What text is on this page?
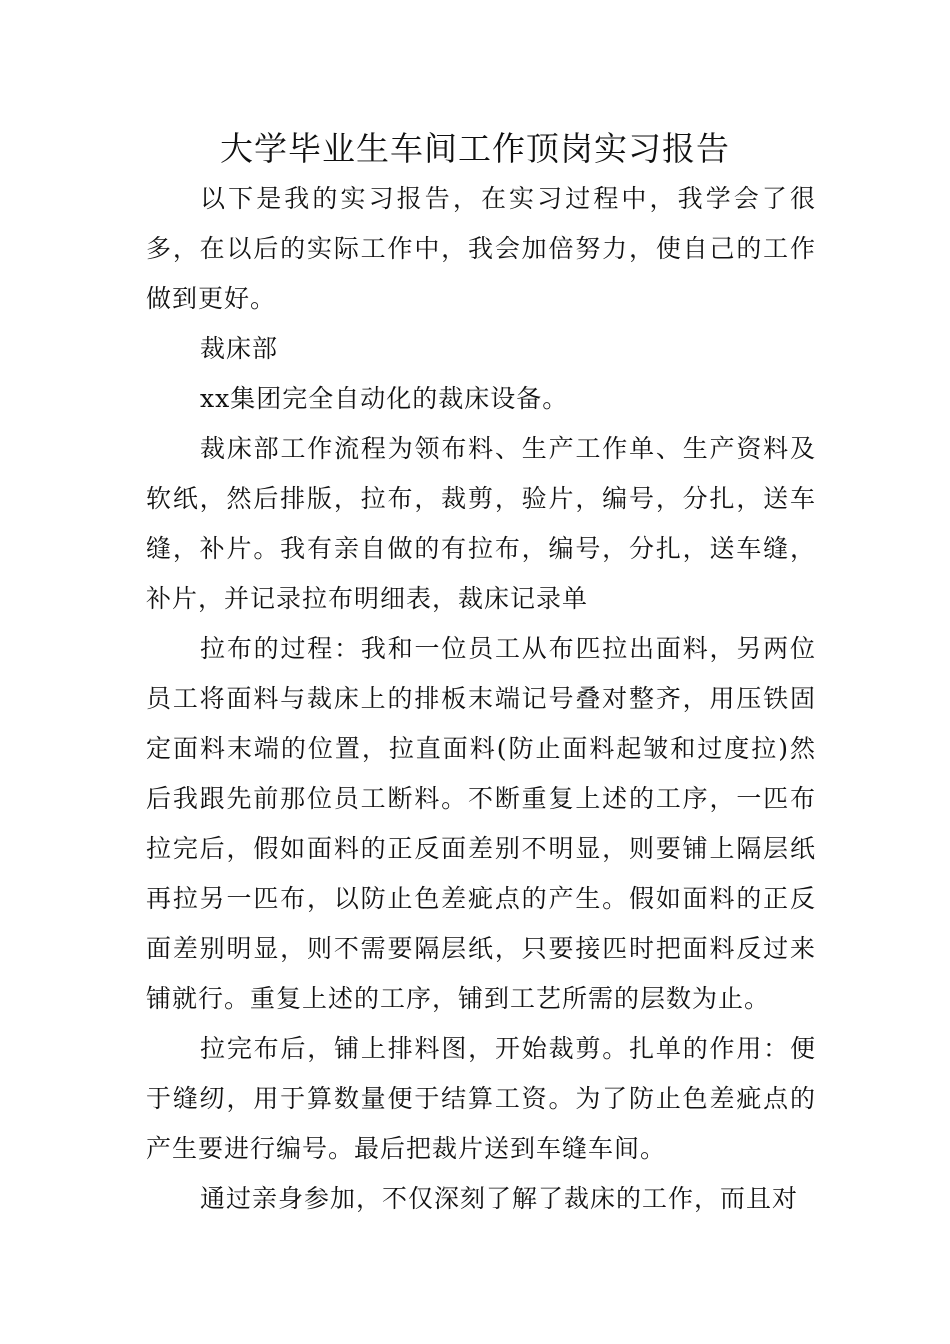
大学毕业生车间工作顶岗实习报告

以下是我的实习报告，在实习过程中，我学会了很多，在以后的实际工作中，我会加倍努力，使自己的工作做到更好。

裁床部

xx集团完全自动化的裁床设备。

裁床部工作流程为领布料、生产工作单、生产资料及软纸，然后排版，拉布，裁剪，验片，编号，分扎，送车缝，补片。我有亲自做的有拉布，编号，分扎，送车缝，补片，并记录拉布明细表，裁床记录单

拉布的过程：我和一位员工从布匹拉出面料，另两位员工将面料与裁床上的排板末端记号叠对整齐，用压铁固定面料末端的位置，拉直面料(防止面料起皱和过度拉)然后我跟先前那位员工断料。不断重复上述的工序，一匹布拉完后，假如面料的正反面差别不明显，则要铺上隔层纸再拉另一匹布，以防止色差疵点的产生。假如面料的正反面差别明显，则不需要隔层纸，只要接匹时把面料反过来铺就行。重复上述的工序，铺到工艺所需的层数为止。

拉完布后，铺上排料图，开始裁剪。扎单的作用：便于缝纫，用于算数量便于结算工资。为了防止色差疵点的产生要进行编号。最后把裁片送到车缝车间。

通过亲身参加，不仅深刻了解了裁床的工作，而且对
